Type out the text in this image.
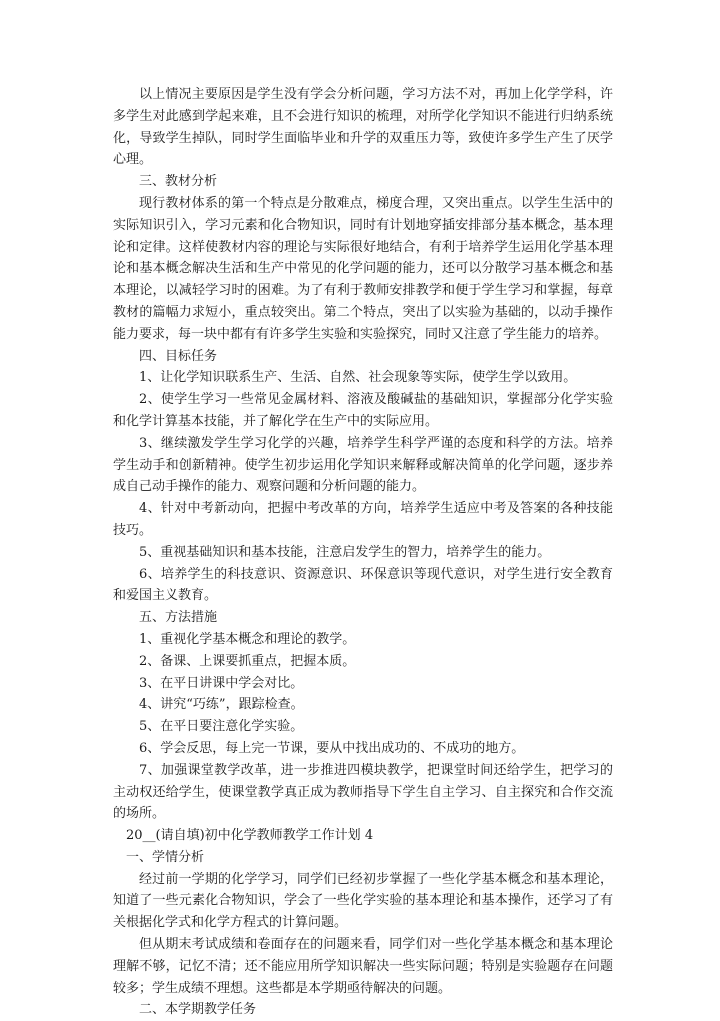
以上情况主要原因是学生没有学会分析问题，学习方法不对，再加上化学学科，许多学生对此感到学起来难，且不会进行知识的梳理，对所学化学知识不能进行归纳系统化，导致学生掉队，同时学生面临毕业和升学的双重压力等，致使许多学生产生了厌学心理。

三、教材分析

现行教材体系的第一个特点是分散难点，梯度合理，又突出重点。以学生生活中的实际知识引入，学习元素和化合物知识，同时有计划地穿插安排部分基本概念，基本理论和定律。这样使教材内容的理论与实际很好地结合，有利于培养学生运用化学基本理论和基本概念解决生活和生产中常见的化学问题的能力，还可以分散学习基本概念和基本理论，以减轻学习时的困难。为了有利于教师安排教学和便于学生学习和掌握，每章教材的篇幅力求短小，重点较突出。第二个特点，突出了以实验为基础的，以动手操作能力要求，每一块中都有有许多学生实验和实验探究，同时又注意了学生能力的培养。

四、目标任务

1、让化学知识联系生产、生活、自然、社会现象等实际，使学生学以致用。

2、使学生学习一些常见金属材料、溶液及酸碱盐的基础知识，掌握部分化学实验和化学计算基本技能，并了解化学在生产中的实际应用。

3、继续激发学生学习化学的兴趣，培养学生科学严谨的态度和科学的方法。培养学生动手和创新精神。使学生初步运用化学知识来解释或解决简单的化学问题，逐步养成自己动手操作的能力、观察问题和分析问题的能力。

4、针对中考新动向，把握中考改革的方向，培养学生适应中考及答案的各种技能技巧。

5、重视基础知识和基本技能，注意启发学生的智力，培养学生的能力。

6、培养学生的科技意识、资源意识、环保意识等现代意识，对学生进行安全教育和爱国主义教育。

五、方法措施

1、重视化学基本概念和理论的教学。

2、备课、上课要抓重点，把握本质。

3、在平日讲课中学会对比。

4、讲究“巧练”，跟踪检查。

5、在平日要注意化学实验。

6、学会反思，每上完一节课，要从中找出成功的、不成功的地方。

7、加强课堂教学改革，进一步推进四模块教学，把课堂时间还给学生，把学习的主动权还给学生，使课堂教学真正成为教师指导下学生自主学习、自主探究和合作交流的场所。

20__(请自填)初中化学教师教学工作计划 4

一、学情分析

经过前一学期的化学学习，同学们已经初步掌握了一些化学基本概念和基本理论，知道了一些元素化合物知识，学会了一些化学实验的基本理论和基本操作，还学习了有关根据化学式和化学方程式的计算问题。

但从期末考试成绩和卷面存在的问题来看，同学们对一些化学基本概念和基本理论理解不够，记忆不清；还不能应用所学知识解决一些实际问题；特别是实验题存在问题较多；学生成绩不理想。这些都是本学期亟待解决的问题。

二、本学期教学任务
